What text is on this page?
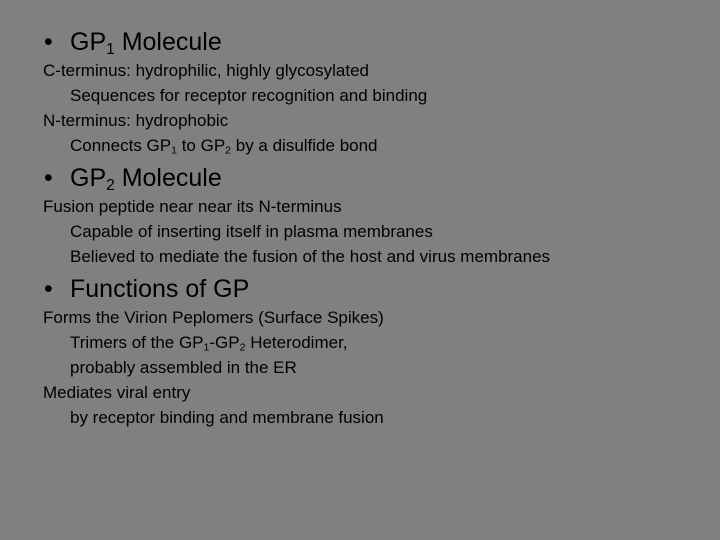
• $GP_1$ Molecule
C-terminus: hydrophilic, highly glycosylated
Sequences for receptor recognition and binding
N-terminus: hydrophobic
Connects $GP_1$ to $GP_2$ by a disulfide bond
• $GP_2$ Molecule
Fusion peptide near near its N-terminus
Capable of inserting itself in plasma membranes
Believed to mediate the fusion of the host and virus membranes
• Functions of GP
Forms the Virion Peplomers (Surface Spikes)
Trimers of the $GP_1-GP_2$ Heterodimer,
probably assembled in the ER
Mediates viral entry
by receptor binding and membrane fusion
